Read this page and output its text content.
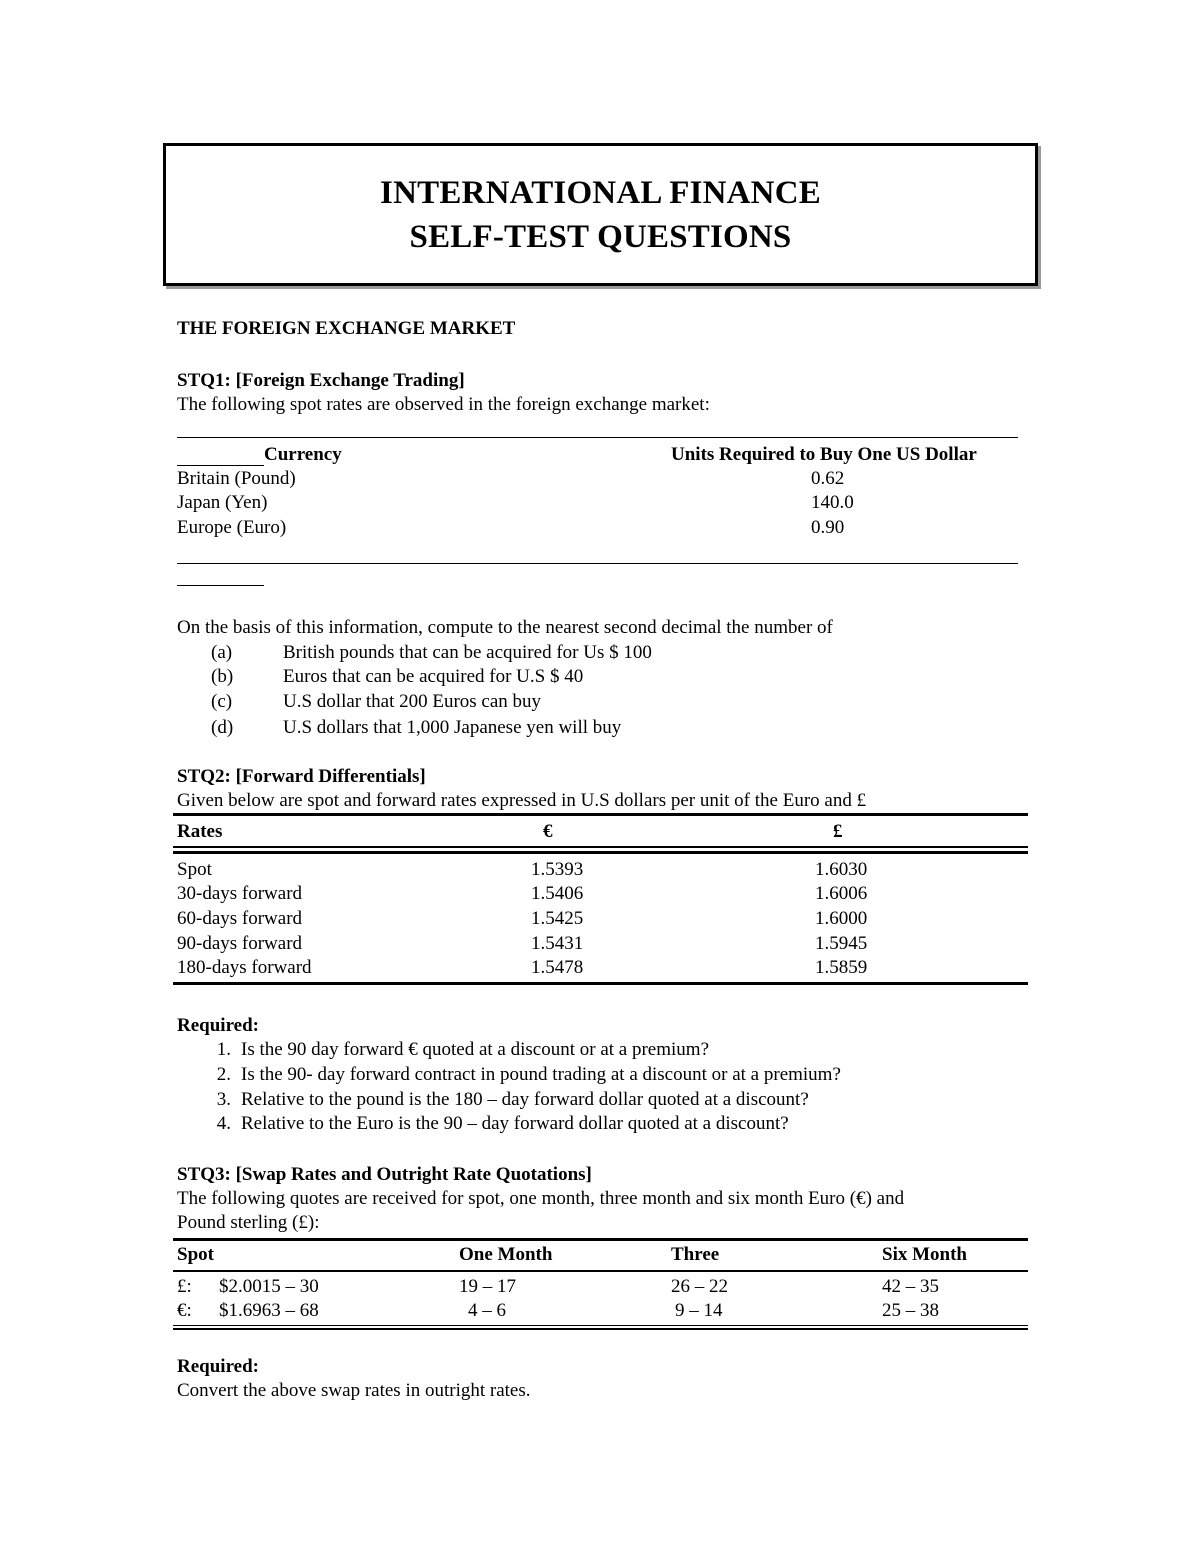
INTERNATIONAL FINANCE
SELF-TEST QUESTIONS
THE FOREIGN EXCHANGE MARKET
STQ1: [Foreign Exchange Trading]
The following spot rates are observed in the foreign exchange market:
Currency	Units Required to Buy One US Dollar
Britain (Pound)	0.62
Japan (Yen)	140.0
Europe (Euro)	0.90
On the basis of this information, compute to the nearest second decimal the number of
(a)	British pounds that can be acquired for Us $ 100
(b)	Euros that can be acquired for U.S $ 40
(c)	U.S dollar that 200 Euros can buy
(d)	U.S dollars that 1,000 Japanese yen will buy
STQ2: [Forward Differentials]
Given below are spot and forward rates expressed in U.S dollars per unit of the Euro and £
Rates	€	£
Spot	1.5393	1.6030
30-days forward	1.5406	1.6006
60-days forward	1.5425	1.6000
90-days forward	1.5431	1.5945
180-days forward	1.5478	1.5859
Required:
1. Is the 90 day forward € quoted at a discount or at a premium?
2. Is the 90- day forward contract in pound trading at a discount or at a premium?
3. Relative to the pound is the 180 – day forward dollar quoted at a discount?
4. Relative to the Euro is the 90 – day forward dollar quoted at a discount?
STQ3: [Swap Rates and Outright Rate Quotations]
The following quotes are received for spot, one month, three month and six month Euro (€) and
Pound sterling (£):
Spot	One Month	Three	Six Month
£: $2.0015 – 30	19 – 17	26 – 22	42 – 35
€: $1.6963 – 68	4 – 6	9 – 14	25 – 38
Required:
Convert the above swap rates in outright rates.
